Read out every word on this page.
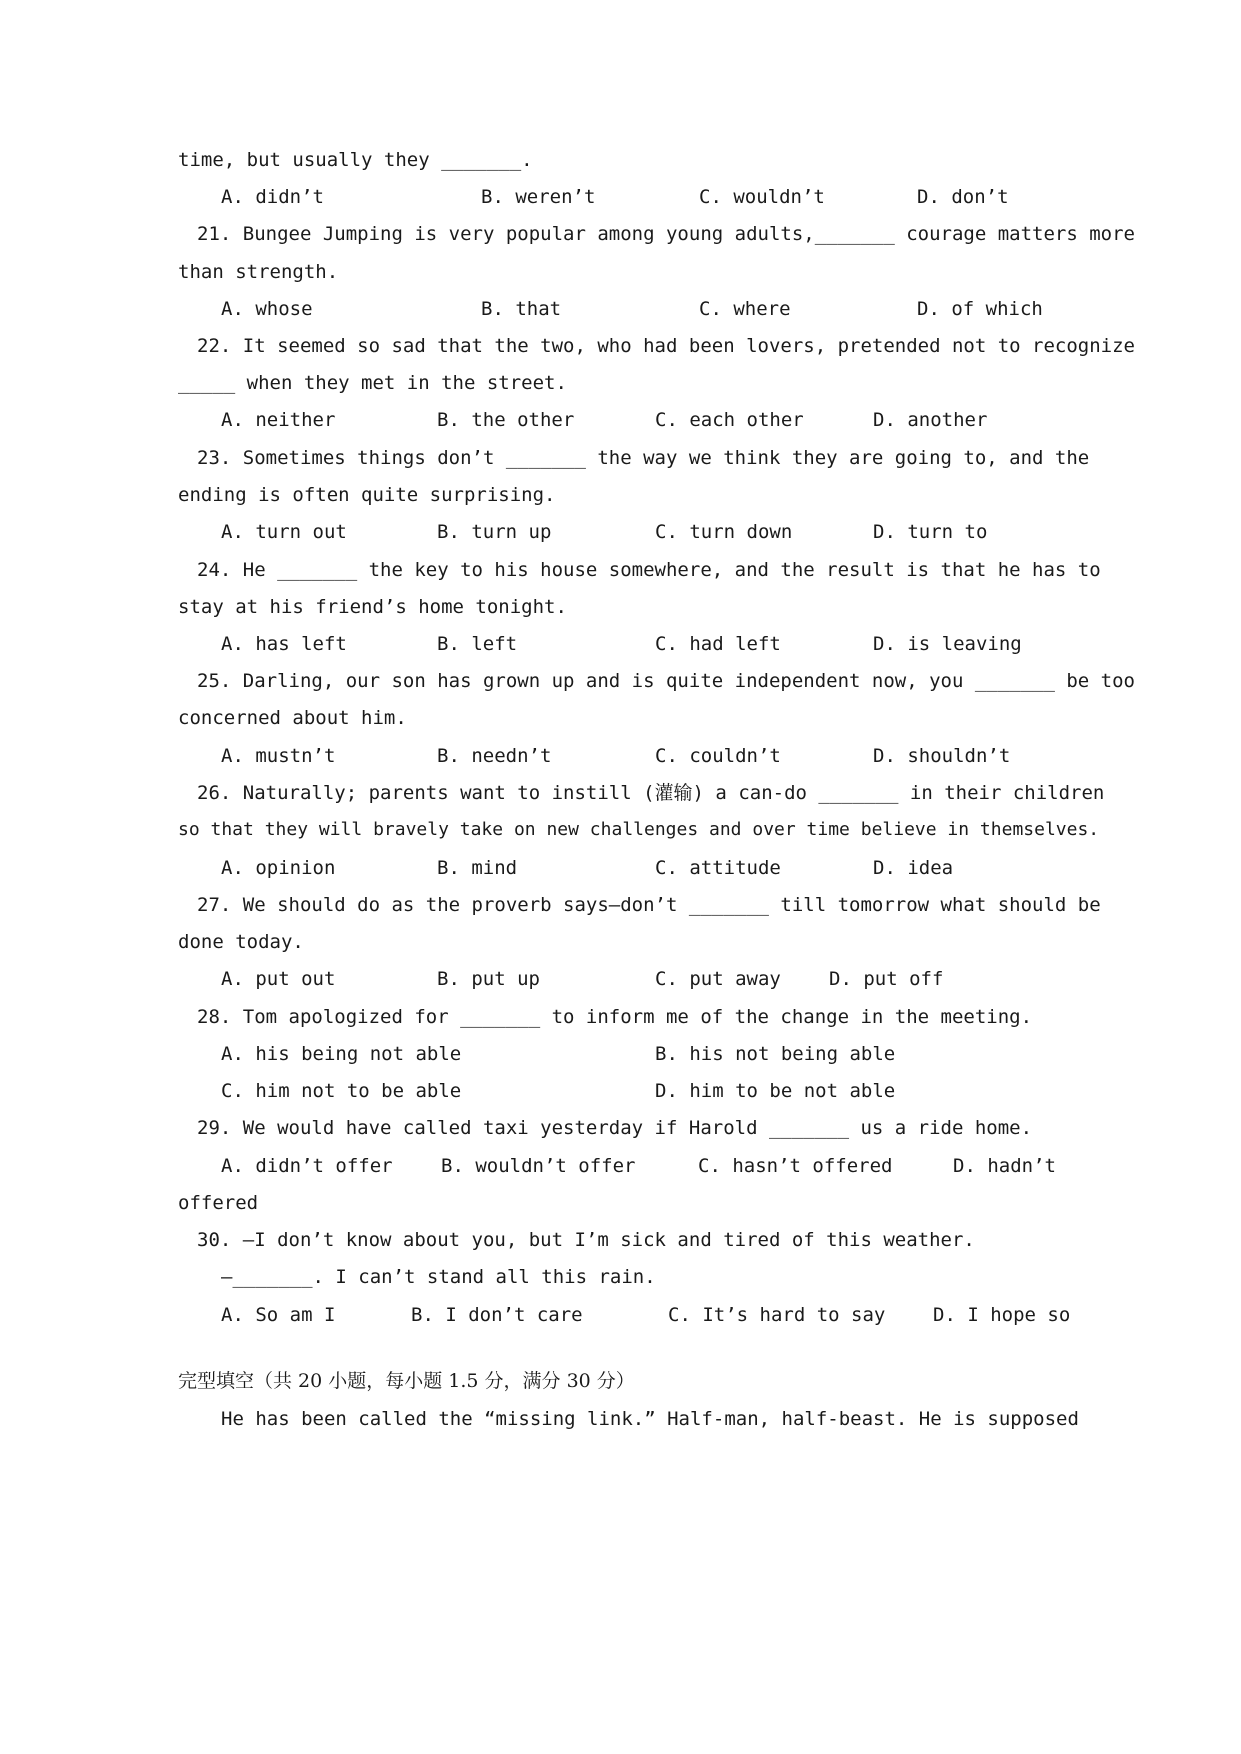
time, but usually they _______.
A. didn’t	B. weren’t	C. wouldn’t	D. don’t
21. Bungee Jumping is very popular among young adults,_______ courage matters more
than strength.
A. whose	B. that	C. where	D. of which
22. It seemed so sad that the two, who had been lovers, pretended not to recognize
_____ when they met in the street.
A. neither	B. the other	C. each other	D. another
23. Sometimes things don’t _______ the way we think they are going to, and the
ending is often quite surprising.
A. turn out	B. turn up	C. turn down	D. turn to
24. He _______ the key to his house somewhere, and the result is that he has to
stay at his friend’s home tonight.
A. has left	B. left	C. had left	D. is leaving
25. Darling, our son has grown up and is quite independent now, you _______ be too
concerned about him.
A. mustn’t	B. needn’t	C. couldn’t	D. shouldn’t
26. Naturally; parents want to instill (灌输) a can-do _______ in their children
so that they will bravely take on new challenges and over time believe in themselves.
A. opinion	B. mind	C. attitude	D. idea
27. We should do as the proverb says—don’t _______ till tomorrow what should be
done today.
A. put out	B. put up	C. put away	D. put off
28. Tom apologized for _______ to inform me of the change in the meeting.
A. his being not able	B. his not being able
C. him not to be able	D. him to be not able
29. We would have called taxi yesterday if Harold _______ us a ride home.
A. didn’t offer	B. wouldn’t offer	C. hasn’t offered	D. hadn’t
offered
30. —I don’t know about you, but I’m sick and tired of this weather.
—_______. I can’t stand all this rain.
A. So am I	B. I don’t care	C. It’s hard to say	D. I hope so
完型填空（共 20 小题，每小题 1.5 分，满分 30 分）
He has been called the “missing link.” Half-man, half-beast. He is supposed
